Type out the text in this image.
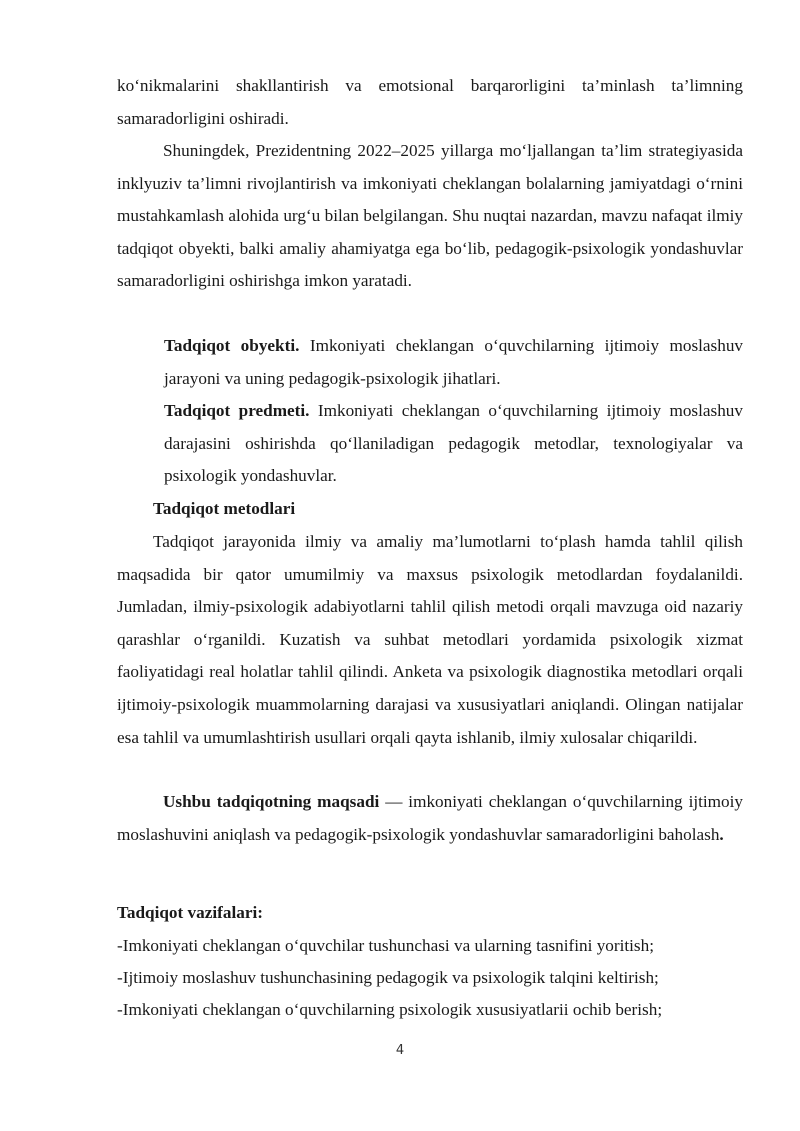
ko‘nikmalarini shakllantirish va emotsional barqarorligini ta’minlash ta’limning samaradorligini oshiradi.
Shuningdek, Prezidentning 2022–2025 yillarga mo‘ljallangan ta’lim strategiyasida inklyuziv ta’limni rivojlantirish va imkoniyati cheklangan bolalarning jamiyatdagi o‘rnini mustahkamlash alohida urg‘u bilan belgilangan. Shu nuqtai nazardan, mavzu nafaqat ilmiy tadqiqot obyekti, balki amaliy ahamiyatga ega bo‘lib, pedagogik-psixologik yondashuvlar samaradorligini oshirishga imkon yaratadi.
Tadqiqot obyekti. Imkoniyati cheklangan o‘quvchilarning ijtimoiy moslashuv jarayoni va uning pedagogik-psixologik jihatlari.
Tadqiqot predmeti. Imkoniyati cheklangan o‘quvchilarning ijtimoiy moslashuv darajasini oshirishda qo‘llaniladigan pedagogik metodlar, texnologiyalar va psixologik yondashuvlar.
Tadqiqot metodlari
Tadqiqot jarayonida ilmiy va amaliy ma’lumotlarni to‘plash hamda tahlil qilish maqsadida bir qator umumilmiy va maxsus psixologik metodlardan foydalanildi. Jumladan, ilmiy-psixologik adabiyotlarni tahlil qilish metodi orqali mavzuga oid nazariy qarashlar o‘rganildi. Kuzatish va suhbat metodlari yordamida psixologik xizmat faoliyatidagi real holatlar tahlil qilindi. Anketa va psixologik diagnostika metodlari orqali ijtimoiy-psixologik muammolarning darajasi va xususiyatlari aniqlandi. Olingan natijalar esa tahlil va umumlashtirish usullari orqali qayta ishlanib, ilmiy xulosalar chiqarildi.
Ushbu tadqiqotning maqsadi — imkoniyati cheklangan o‘quvchilarning ijtimoiy moslashuvini aniqlash va pedagogik-psixologik yondashuvlar samaradorligini baholash.
Tadqiqot vazifalari:
-Imkoniyati cheklangan o‘quvchilar tushunchasi va ularning tasnifini yoritish;
-Ijtimoiy moslashuv tushunchasining pedagogik va psixologik talqini keltirish;
-Imkoniyati cheklangan o‘quvchilarning psixologik xususiyatlarii ochib berish;
4
